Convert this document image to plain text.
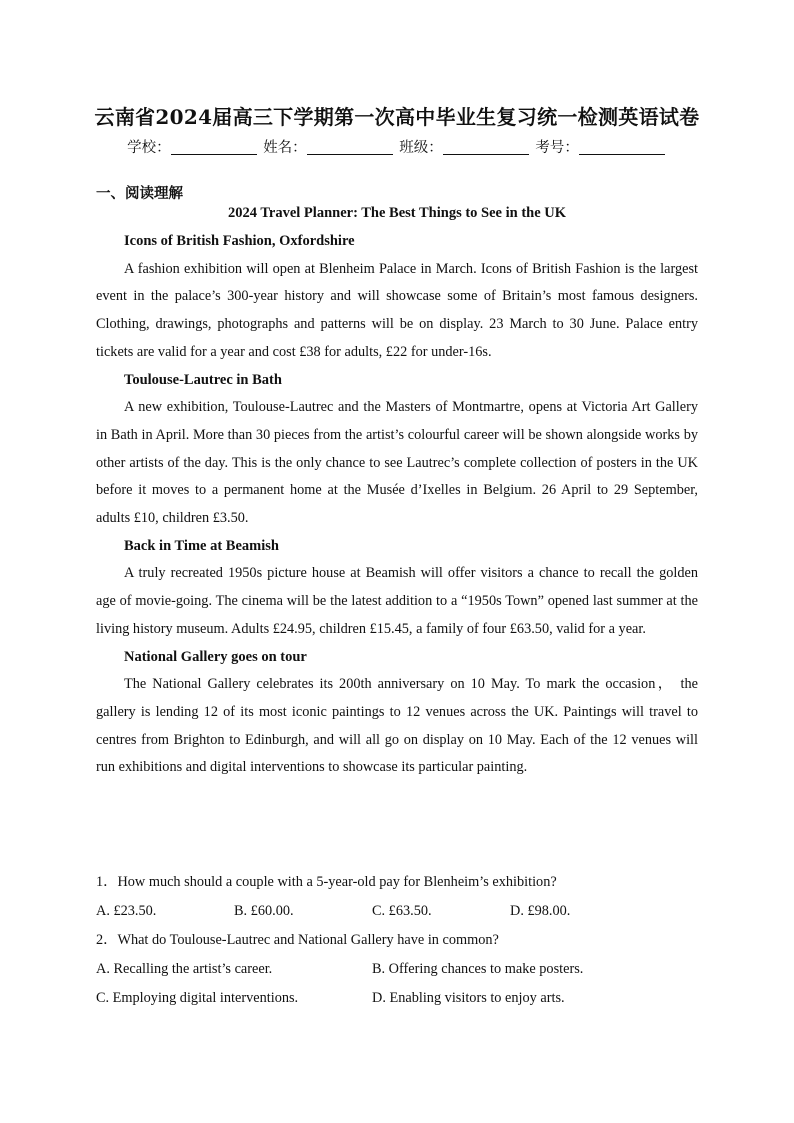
云南省2024届高三下学期第一次高中毕业生复习统一检测英语试卷
学校：	姓名：	班级：	考号：
一、阅读理解
2024 Travel Planner: The Best Things to See in the UK
Icons of British Fashion, Oxfordshire

A fashion exhibition will open at Blenheim Palace in March. Icons of British Fashion is the largest event in the palace’s 300-year history and will showcase some of Britain’s most famous designers. Clothing, drawings, photographs and patterns will be on display. 23 March to 30 June. Palace entry tickets are valid for a year and cost £38 for adults, £22 for under-16s.

Toulouse-Lautrec in Bath

A new exhibition, Toulouse-Lautrec and the Masters of Montmartre, opens at Victoria Art Gallery in Bath in April. More than 30 pieces from the artist’s colourful career will be shown alongside works by other artists of the day. This is the only chance to see Lautrec’s complete collection of posters in the UK before it moves to a permanent home at the Musée d’Ixelles in Belgium. 26 April to 29 September, adults £10, children £3.50.

Back in Time at Beamish

A truly recreated 1950s picture house at Beamish will offer visitors a chance to recall the golden age of movie-going. The cinema will be the latest addition to a “1950s Town” opened last summer at the living history museum. Adults £24.95, children £15.45, a family of four £63.50, valid for a year.

National Gallery goes on tour

The National Gallery celebrates its 200th anniversary on 10 May. To mark the occasion， the gallery is lending 12 of its most iconic paintings to 12 venues across the UK. Paintings will travel to centres from Brighton to Edinburgh, and will all go on display on 10 May. Each of the 12 venues will run exhibitions and digital interventions to showcase its particular painting.

1．How much should a couple with a 5-year-old pay for Blenheim’s exhibition?

A. £23.50.	B. £60.00.	C. £63.50.	D. £98.00.

2．What do Toulouse-Lautrec and National Gallery have in common?

A. Recalling the artist’s career.	B. Offering chances to make posters.
C. Employing digital interventions.	D. Enabling visitors to enjoy arts.
